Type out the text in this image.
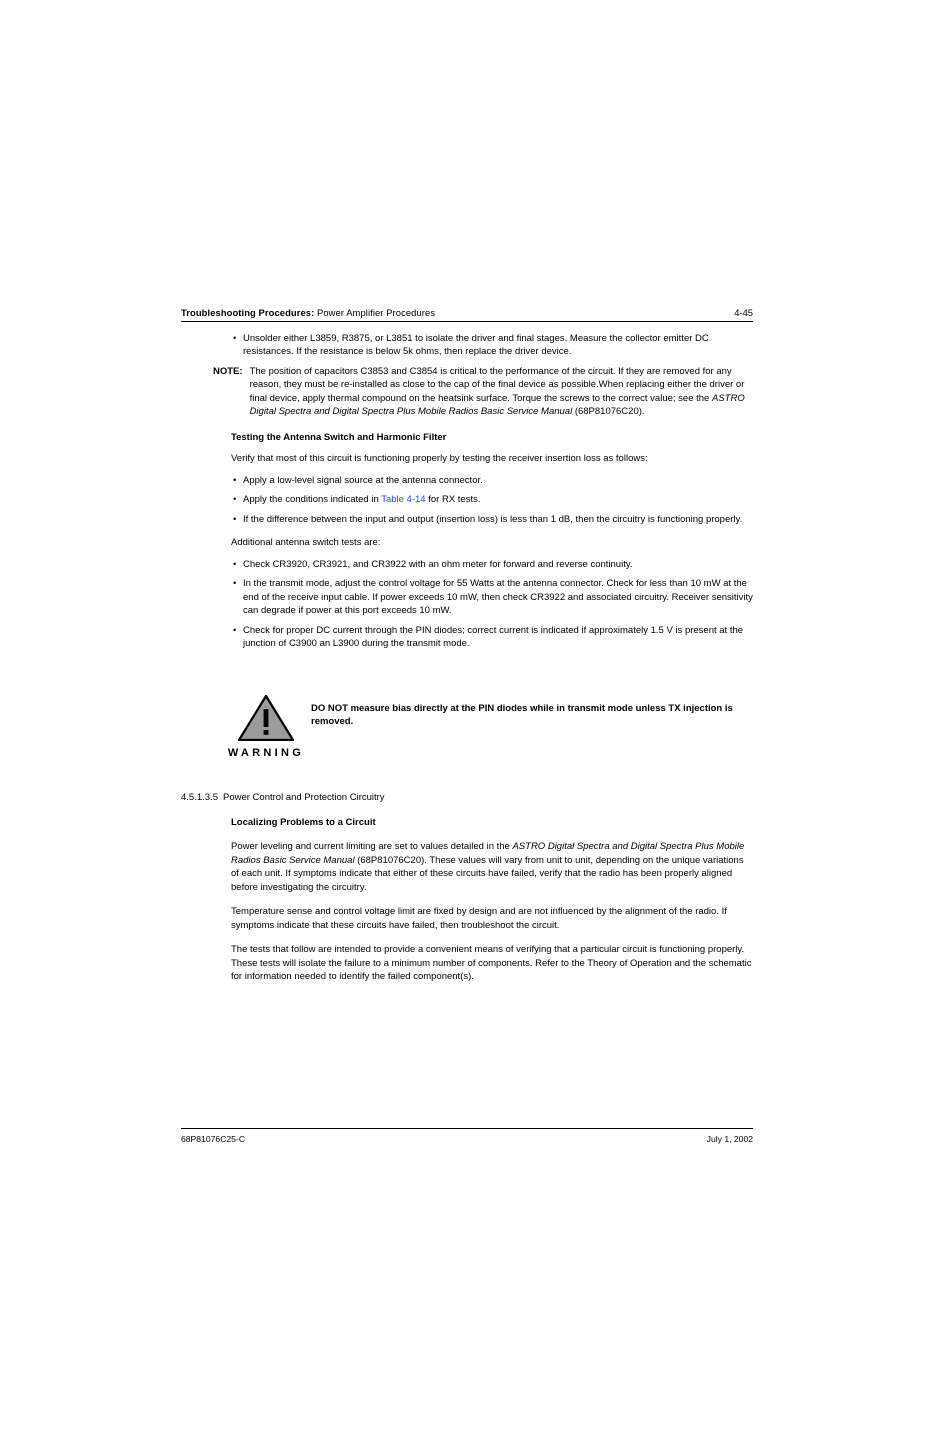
Troubleshooting Procedures: Power Amplifier Procedures	4-45
• Unsolder either L3859, R3875, or L3851 to isolate the driver and final stages. Measure the collector emitter DC resistances. If the resistance is below 5k ohms, then replace the driver device.
NOTE: The position of capacitors C3853 and C3854 is critical to the performance of the circuit. If they are removed for any reason, they must be re-installed as close to the cap of the final device as possible.When replacing either the driver or final device, apply thermal compound on the heatsink surface. Torque the screws to the correct value; see the ASTRO Digital Spectra and Digital Spectra Plus Mobile Radios Basic Service Manual (68P81076C20).
Testing the Antenna Switch and Harmonic Filter

Verify that most of this circuit is functioning properly by testing the receiver insertion loss as follows:

• Apply a low-level signal source at the antenna connector.
• Apply the conditions indicated in Table 4-14 for RX tests.
• If the difference between the input and output (insertion loss) is less than 1 dB, then the circuitry is functioning properly.

Additional antenna switch tests are:

• Check CR3920, CR3921, and CR3922 with an ohm meter for forward and reverse continuity.
• In the transmit mode, adjust the control voltage for 55 Watts at the antenna connector. Check for less than 10 mW at the end of the receive input cable. If power exceeds 10 mW, then check CR3922 and associated circuitry. Receiver sensitivity can degrade if power at this port exceeds 10 mW.
• Check for proper DC current through the PIN diodes; correct current is indicated if approximately 1.5 V is present at the junction of C3900 an L3900 during the transmit mode.
WARNING
DO NOT measure bias directly at the PIN diodes while in transmit mode unless TX injection is removed.
4.5.1.3.5 Power Control and Protection Circuitry
Localizing Problems to a Circuit

Power leveling and current limiting are set to values detailed in the ASTRO Digital Spectra and Digital Spectra Plus Mobile Radios Basic Service Manual (68P81076C20). These values will vary from unit to unit, depending on the unique variations of each unit. If symptoms indicate that either of these circuits have failed, verify that the radio has been properly aligned before investigating the circuitry.

Temperature sense and control voltage limit are fixed by design and are not influenced by the alignment of the radio. If symptoms indicate that these circuits have failed, then troubleshoot the circuit.

The tests that follow are intended to provide a convenient means of verifying that a particular circuit is functioning properly. These tests will isolate the failure to a minimum number of components. Refer to the Theory of Operation and the schematic for information needed to identify the failed component(s).

68P81076C25-C	July 1, 2002
